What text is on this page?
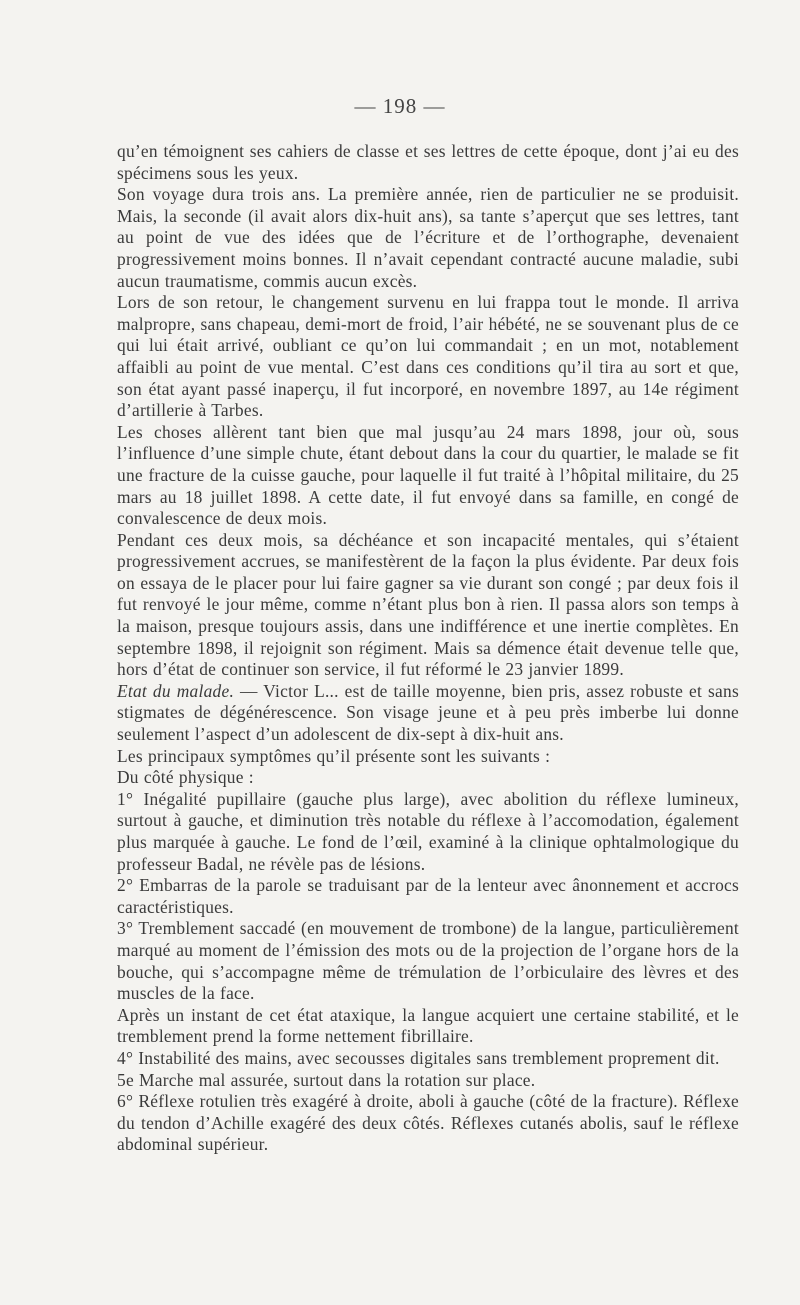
— 198 —

qu’en témoignent ses cahiers de classe et ses lettres de cette époque, dont j’ai eu des spécimens sous les yeux.

Son voyage dura trois ans. La première année, rien de particulier ne se produisit. Mais, la seconde (il avait alors dix-huit ans), sa tante s’aperçut que ses lettres, tant au point de vue des idées que de l’écriture et de l’orthographe, devenaient progressivement moins bonnes. Il n’avait cependant contracté aucune maladie, subi aucun traumatisme, commis aucun excès.

Lors de son retour, le changement survenu en lui frappa tout le monde. Il arriva malpropre, sans chapeau, demi-mort de froid, l’air hébété, ne se souvenant plus de ce qui lui était arrivé, oubliant ce qu’on lui commandait ; en un mot, notablement affaibli au point de vue mental. C’est dans ces conditions qu’il tira au sort et que, son état ayant passé inaperçu, il fut incorporé, en novembre 1897, au 14e régiment d’artillerie à Tarbes.

Les choses allèrent tant bien que mal jusqu’au 24 mars 1898, jour où, sous l’influence d’une simple chute, étant debout dans la cour du quartier, le malade se fit une fracture de la cuisse gauche, pour laquelle il fut traité à l’hôpital militaire, du 25 mars au 18 juillet 1898. A cette date, il fut envoyé dans sa famille, en congé de convalescence de deux mois.

Pendant ces deux mois, sa déchéance et son incapacité mentales, qui s’étaient progressivement accrues, se manifestèrent de la façon la plus évidente. Par deux fois on essaya de le placer pour lui faire gagner sa vie durant son congé ; par deux fois il fut renvoyé le jour même, comme n’étant plus bon à rien. Il passa alors son temps à la maison, presque toujours assis, dans une indifférence et une inertie complètes. En septembre 1898, il rejoignit son régiment. Mais sa démence était devenue telle que, hors d’état de continuer son service, il fut réformé le 23 janvier 1899.

Etat du malade. — Victor L... est de taille moyenne, bien pris, assez robuste et sans stigmates de dégénérescence. Son visage jeune et à peu près imberbe lui donne seulement l’aspect d’un adolescent de dix-sept à dix-huit ans.

Les principaux symptômes qu’il présente sont les suivants :

Du côté physique :

1° Inégalité pupillaire (gauche plus large), avec abolition du réflexe lumineux, surtout à gauche, et diminution très notable du réflexe à l’accomodation, également plus marquée à gauche. Le fond de l’œil, examiné à la clinique ophtalmologique du professeur Badal, ne révèle pas de lésions.

2° Embarras de la parole se traduisant par de la lenteur avec ânonnement et accrocs caractéristiques.

3° Tremblement saccadé (en mouvement de trombone) de la langue, particulièrement marqué au moment de l’émission des mots ou de la projection de l’organe hors de la bouche, qui s’accompagne même de trémulation de l’orbiculaire des lèvres et des muscles de la face.

Après un instant de cet état ataxique, la langue acquiert une certaine stabilité, et le tremblement prend la forme nettement fibrillaire.

4° Instabilité des mains, avec secousses digitales sans tremblement proprement dit.

5e Marche mal assurée, surtout dans la rotation sur place.

6° Réflexe rotulien très exagéré à droite, aboli à gauche (côté de la fracture). Réflexe du tendon d’Achille exagéré des deux côtés. Réflexes cutanés abolis, sauf le réflexe abdominal supérieur.
